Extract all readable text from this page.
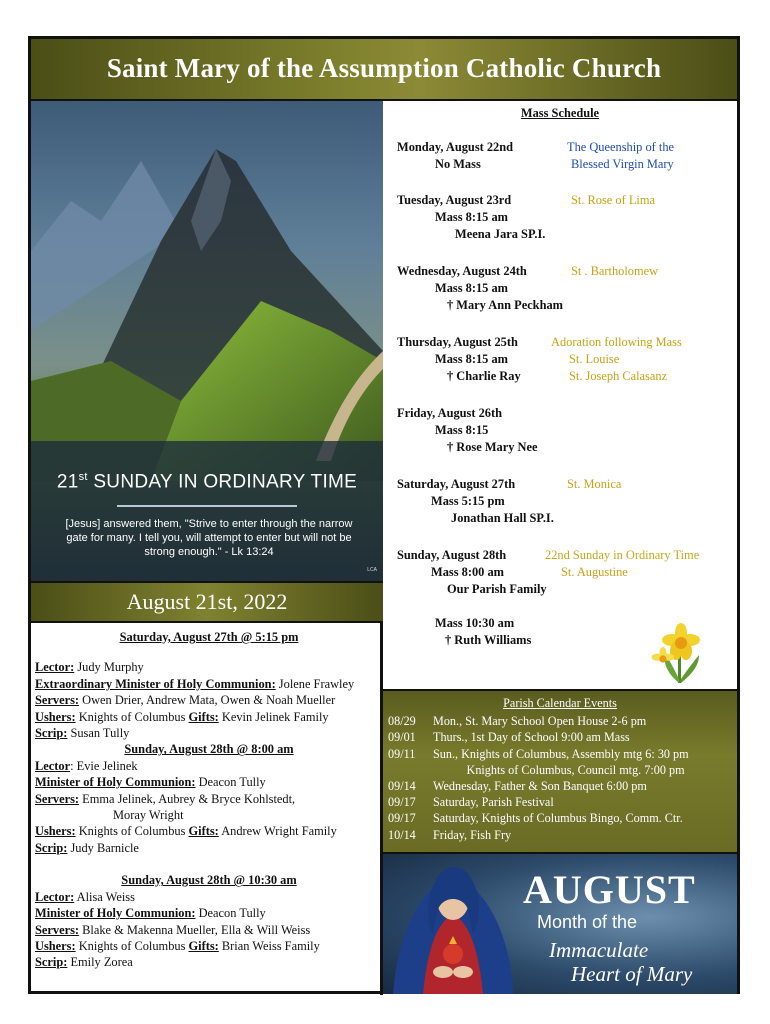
Saint Mary of the Assumption Catholic Church
21st SUNDAY IN ORDINARY TIME
[Jesus] answered them, "Strive to enter through the narrow
gate for many. I tell you, will attempt to enter but will not be
strong enough." - Lk 13:24
LCA
August 21st, 2022
Saturday, August 27th @ 5:15 pm
Lector: Judy Murphy
Extraordinary Minister of Holy Communion: Jolene Frawley
Servers: Owen Drier, Andrew Mata, Owen & Noah Mueller
Ushers: Knights of Columbus Gifts: Kevin Jelinek Family
Scrip: Susan Tully
Sunday, August 28th @ 8:00 am
Lector: Evie Jelinek
Minister of Holy Communion: Deacon Tully
Servers: Emma Jelinek, Aubrey & Bryce Kohlstedt,
Moray Wright
Ushers: Knights of Columbus Gifts: Andrew Wright Family
Scrip: Judy Barnicle
Sunday, August 28th @ 10:30 am
Lector: Alisa Weiss
Minister of Holy Communion: Deacon Tully
Servers: Blake & Makenna Mueller, Ella & Will Weiss
Ushers: Knights of Columbus Gifts: Brian Weiss Family
Scrip: Emily Zorea
Mass Schedule
Monday, August 22nd	The Queenship of the
No Mass	Blessed Virgin Mary
Tuesday, August 23rd	St. Rose of Lima
Mass 8:15 am
Meena Jara SP.I.
Wednesday, August 24th	St . Bartholomew
Mass 8:15 am
† Mary Ann Peckham
Thursday, August 25th	Adoration following Mass
Mass 8:15 am	St. Louise
† Charlie Ray	St. Joseph Calasanz
Friday, August 26th
Mass 8:15
† Rose Mary Nee
Saturday, August 27th	St. Monica
Mass 5:15 pm
Jonathan Hall SP.I.
Sunday, August 28th	22nd Sunday in Ordinary Time
Mass 8:00 am	St. Augustine
Our Parish Family
Mass 10:30 am
† Ruth Williams
Parish Calendar Events
08/29 Mon., St. Mary School Open House 2-6 pm
09/01 Thurs., 1st Day of School 9:00 am Mass
09/11 Sun., Knights of Columbus, Assembly mtg 6: 30 pm
Knights of Columbus, Council mtg. 7:00 pm
09/14 Wednesday, Father & Son Banquet 6:00 pm
09/17 Saturday, Parish Festival
09/17 Saturday, Knights of Columbus Bingo, Comm. Ctr.
10/14 Friday, Fish Fry
AUGUST
Month of the
Immaculate
Heart of Mary
